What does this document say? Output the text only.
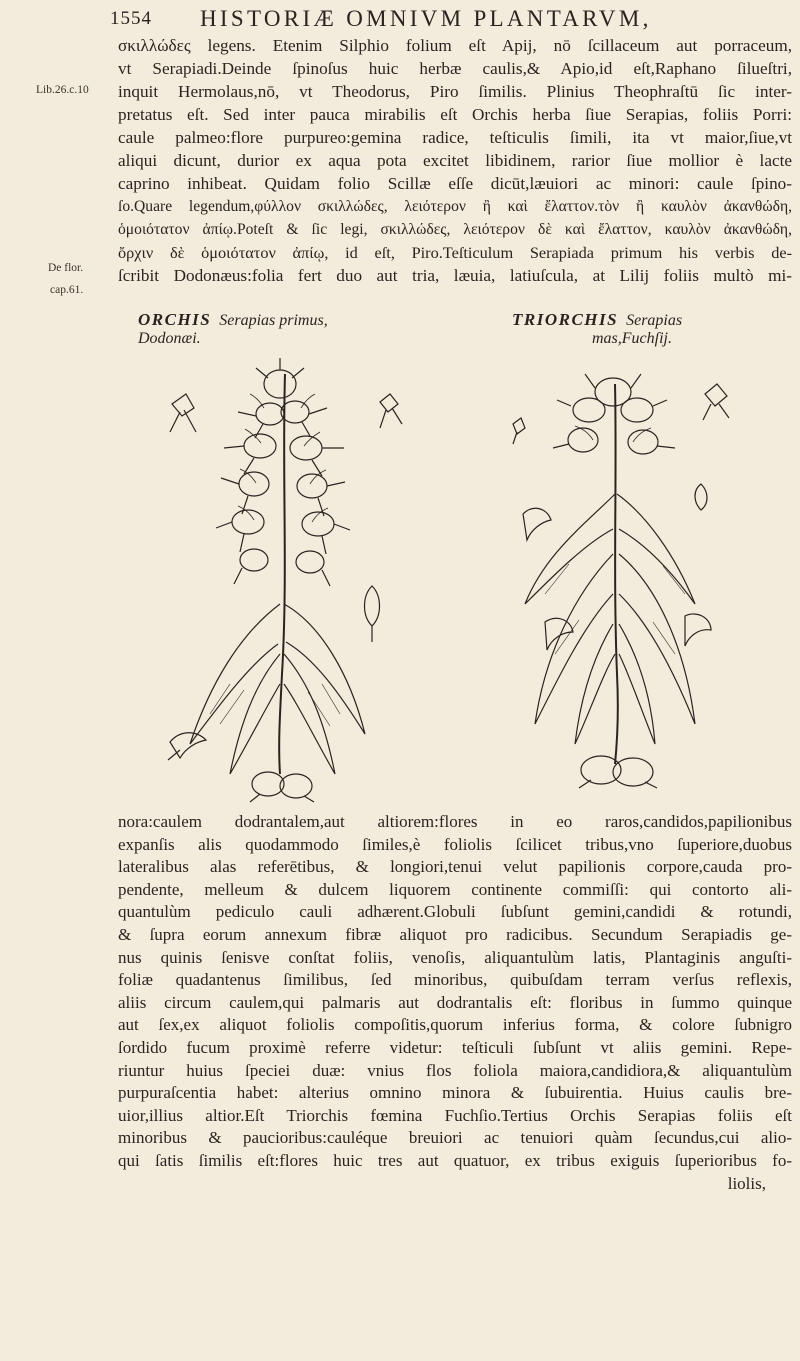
1554 HISTORIÆ OMNIVM PLANTARVM,
Lib.26.c.10
De flor.
cap.61.
σκιλλώδες legens. Etenim Silphio folium eſt Apij, nō ſcillaceum aut porraceum,
vt Serapiadi.Deinde ſpinoſus huic herbæ caulis,& Apio,id eſt,Raphano ſilueſtri,
inquit Hermolaus,nō, vt Theodorus, Piro ſimilis. Plinius Theophraſtū ſic inter-
pretatus eſt. Sed inter pauca mirabilis eſt Orchis herba ſiue Serapias, foliis Porri:
caule palmeo:flore purpureo:gemina radice, teſticulis ſimili, ita vt maior,ſiue,vt
aliqui dicunt, durior ex aqua pota excitet libidinem, rarior ſiue mollior è lacte
caprino inhibeat. Quidam folio Scillæ eſſe dicūt,læuiori ac minori: caule ſpino-
ſo.Quare legendum,φύλλον σκιλλώδες, λειότερον ἢ καὶ ἔλαττον.τὸν ἢ καυλὸν ἀκανθώδη,
ὁμοιότατον ἀπίῳ.Poteſt & ſic legi, σκιλλώδες, λειότερον δὲ καὶ ἔλαττον, καυλὸν ἀκανθώδη,
ὄρχιν δὲ ὁμοιότατον ἀπίῳ, id eſt, Piro.Teſticulum Serapiada primum his verbis de-
ſcribit Dodonæus:folia fert duo aut tria, læuia, latiuſcula, at Lilij foliis multò mi-
ORCHIS Serapias primus,
Dodonæi.
TRIORCHIS Serapias
mas,Fuchſij.
nora:caulem dodrantalem,aut altiorem:flores in eo raros,candidos,papilionibus
expanſis alis quodammodo ſimiles,è foliolis ſcilicet tribus,vno ſuperiore,duobus
lateralibus alas referētibus, & longiori,tenui velut papilionis corpore,cauda pro-
pendente, melleum & dulcem liquorem continente commiſſi: qui contorto ali-
quantulùm pediculo cauli adhærent.Globuli ſubſunt gemini,candidi & rotundi,
& ſupra eorum annexum fibræ aliquot pro radicibus. Secundum Serapiadis ge-
nus quinis ſenisve conſtat foliis, venoſis, aliquantulùm latis, Plantaginis anguſti-
foliæ quadantenus ſimilibus, ſed minoribus, quibuſdam terram verſus reflexis,
aliis circum caulem,qui palmaris aut dodrantalis eſt: floribus in ſummo quinque
aut ſex,ex aliquot foliolis compoſitis,quorum inferius forma, & colore ſubnigro
ſordido fucum proximè referre videtur: teſticuli ſubſunt vt aliis gemini. Repe-
riuntur huius ſpeciei duæ: vnius flos foliola maiora,candidiora,& aliquantulùm
purpuraſcentia habet: alterius omnino minora & ſubuirentia. Huius caulis bre-
uior,illius altior.Eſt Triorchis fœmina Fuchſio.Tertius Orchis Serapias foliis eſt
minoribus & paucioribus:cauléque breuiori ac tenuiori quàm ſecundus,cui alio-
qui ſatis ſimilis eſt:flores huic tres aut quatuor, ex tribus exiguis ſuperioribus fo-
liolis,
